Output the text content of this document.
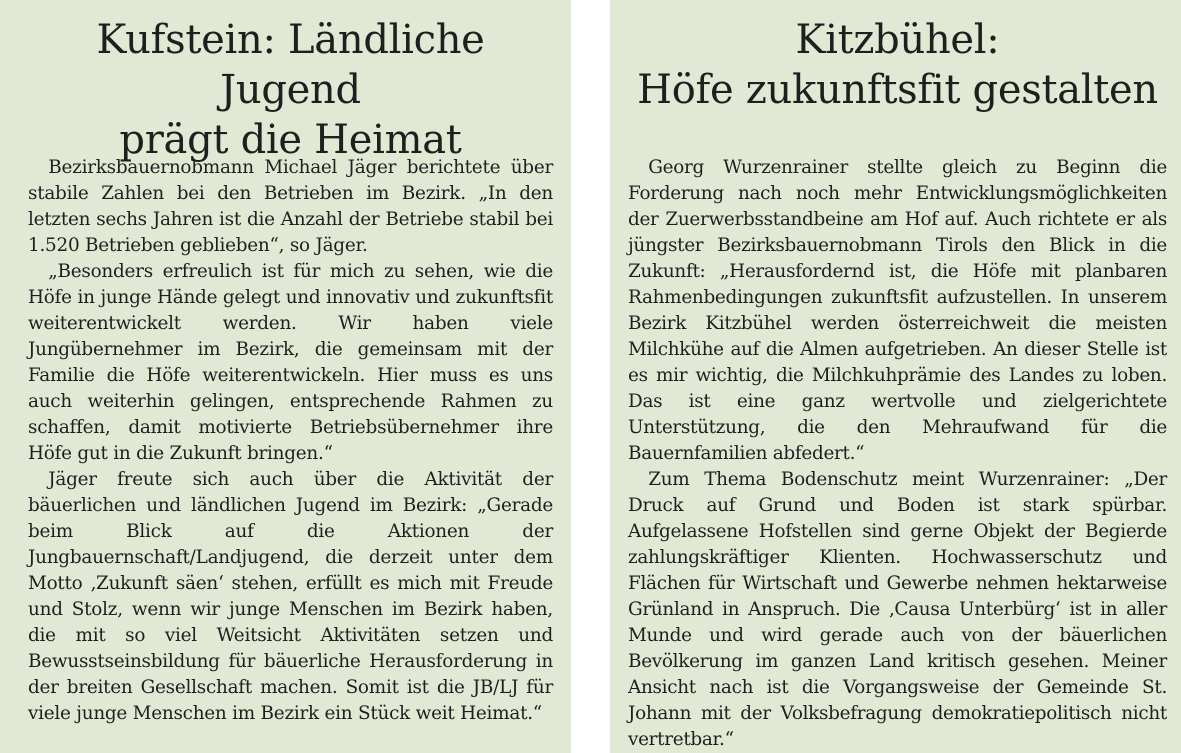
Kufstein: Ländliche Jugend
prägt die Heimat

Bezirksbauernobmann Michael Jäger berichtete über stabile Zahlen bei den Betrieben im Bezirk. „In den letzten sechs Jahren ist die Anzahl der Betriebe stabil bei 1.520 Betrieben geblieben“, so Jäger.

„Besonders erfreulich ist für mich zu sehen, wie die Höfe in junge Hände gelegt und innovativ und zukunftsfit weiterentwickelt werden. Wir haben viele Jungübernehmer im Bezirk, die gemeinsam mit der Familie die Höfe weiterentwickeln. Hier muss es uns auch weiterhin gelingen, entsprechende Rahmen zu schaffen, damit motivierte Betriebsübernehmer ihre Höfe gut in die Zukunft bringen.“

Jäger freute sich auch über die Aktivität der bäuerlichen und ländlichen Jugend im Bezirk: „Gerade beim Blick auf die Aktionen der Jungbauernschaft/Landjugend, die derzeit unter dem Motto ‚Zukunft säen‘ stehen, erfüllt es mich mit Freude und Stolz, wenn wir junge Menschen im Bezirk haben, die mit so viel Weitsicht Aktivitäten setzen und Bewusstseinsbildung für bäuerliche Herausforderung in der breiten Gesellschaft machen. Somit ist die JB/LJ für viele junge Menschen im Bezirk ein Stück weit Heimat.“

Kitzbühel:
Höfe zukunftsfit gestalten

Georg Wurzenrainer stellte gleich zu Beginn die Forderung nach noch mehr Entwicklungsmöglichkeiten der Zuerwerbsstandbeine am Hof auf. Auch richtete er als jüngster Bezirksbauernobmann Tirols den Blick in die Zukunft: „Herausfordernd ist, die Höfe mit planbaren Rahmenbedingungen zukunftsfit aufzustellen. In unserem Bezirk Kitzbühel werden österreichweit die meisten Milchkühe auf die Almen aufgetrieben. An dieser Stelle ist es mir wichtig, die Milchkuhprämie des Landes zu loben. Das ist eine ganz wertvolle und zielgerichtete Unterstützung, die den Mehraufwand für die Bauernfamilien abfedert.“

Zum Thema Bodenschutz meint Wurzenrainer: „Der Druck auf Grund und Boden ist stark spürbar. Aufgelassene Hofstellen sind gerne Objekt der Begierde zahlungskräftiger Klienten. Hochwasserschutz und Flächen für Wirtschaft und Gewerbe nehmen hektarweise Grünland in Anspruch. Die ‚Causa Unterbürg‘ ist in aller Munde und wird gerade auch von der bäuerlichen Bevölkerung im ganzen Land kritisch gesehen. Meiner Ansicht nach ist die Vorgangsweise der Gemeinde St. Johann mit der Volksbefragung demokratiepolitisch nicht vertretbar.“
